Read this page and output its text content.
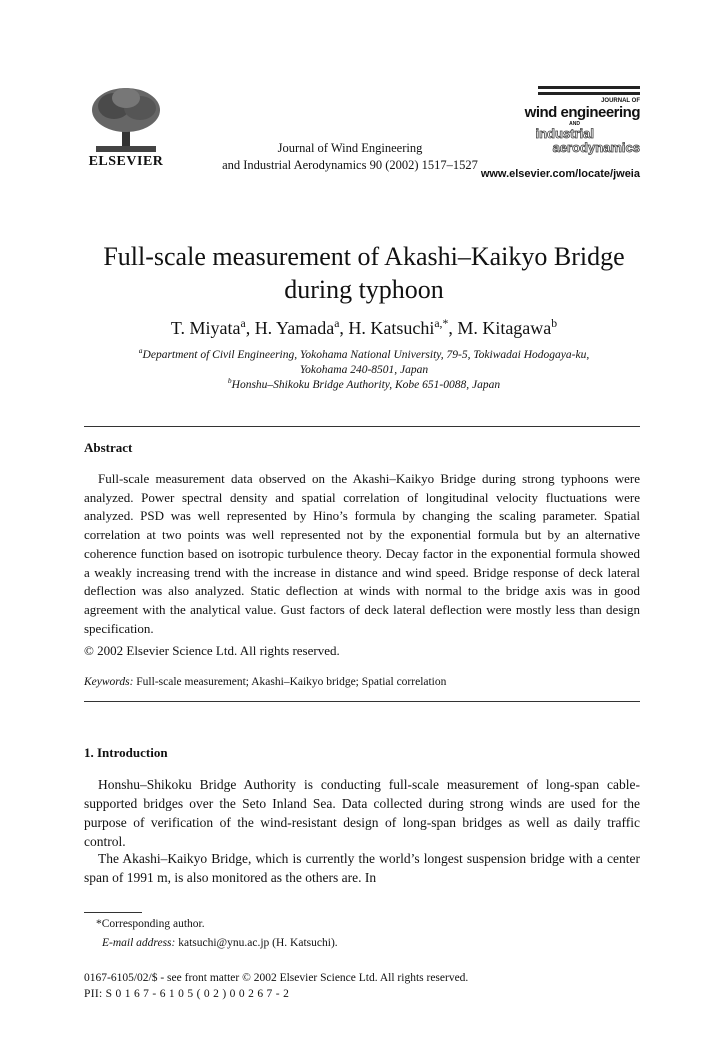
ELSEVIER
Journal of Wind Engineering
and Industrial Aerodynamics 90 (2002) 1517–1527
JOURNAL OF
wind engineering
AND
industrial
aerodynamics
www.elsevier.com/locate/jweia
Full-scale measurement of Akashi–Kaikyo Bridge
during typhoon
T. Miyata$^a$, H. Yamada$^a$, H. Katsuchi$^{a,*}$, M. Kitagawa$^b$
$^a$Department of Civil Engineering, Yokohama National University, 79-5, Tokiwadai Hodogaya-ku,
Yokohama 240-8501, Japan
$^b$Honshu–Shikoku Bridge Authority, Kobe 651-0088, Japan
Abstract
Full-scale measurement data observed on the Akashi–Kaikyo Bridge during strong typhoons were analyzed. Power spectral density and spatial correlation of longitudinal velocity fluctuations were analyzed. PSD was well represented by Hino’s formula by changing the scaling parameter. Spatial correlation at two points was well represented not by the exponential formula but by an alternative coherence function based on isotropic turbulence theory. Decay factor in the exponential formula showed a weakly increasing trend with the increase in distance and wind speed. Bridge response of deck lateral deflection was also analyzed. Static deflection at winds with normal to the bridge axis was in good agreement with the analytical value. Gust factors of deck lateral deflection were mostly less than design specification.
© 2002 Elsevier Science Ltd. All rights reserved.
Keywords: Full-scale measurement; Akashi–Kaikyo bridge; Spatial correlation
1. Introduction
Honshu–Shikoku Bridge Authority is conducting full-scale measurement of long-span cable-supported bridges over the Seto Inland Sea. Data collected during strong winds are used for the purpose of verification of the wind-resistant design of long-span bridges as well as daily traffic control.
The Akashi–Kaikyo Bridge, which is currently the world’s longest suspension bridge with a center span of 1991 m, is also monitored as the others are. In
*Corresponding author.
E-mail address: katsuchi@ynu.ac.jp (H. Katsuchi).
0167-6105/02/$ - see front matter © 2002 Elsevier Science Ltd. All rights reserved.
PII: S 0 1 6 7 - 6 1 0 5 ( 0 2 ) 0 0 2 6 7 - 2
